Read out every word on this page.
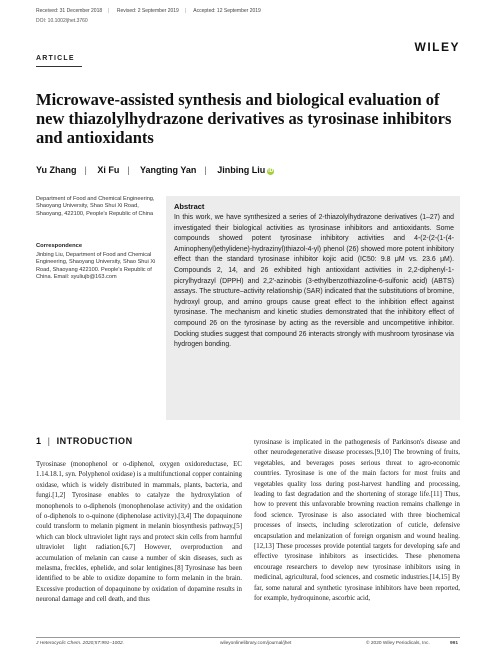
Received: 31 December 2018 | Revised: 2 September 2019 | Accepted: 12 September 2019
DOI: 10.1002/jhet.3760
WILEY
ARTICLE
Microwave-assisted synthesis and biological evaluation of new thiazolylhydrazone derivatives as tyrosinase inhibitors and antioxidants
Yu Zhang | Xi Fu | Yangting Yan | Jinbing Liu iD
Department of Food and Chemical Engineering, Shaoyang University, Shao Shui Xi Road, Shaoyang, 422100, People's Republic of China
Correspondence
Jinbing Liu, Department of Food and Chemical Engineering, Shaoyang University, Shao Shui Xi Road, Shaoyang 422100. People's Republic of China. Email: syuliujb@163.com
Abstract
In this work, we have synthesized a series of 2-thiazolylhydrazone derivatives (1–27) and investigated their biological activities as tyrosinase inhibitors and antioxidants. Some compounds showed potent tyrosinase inhibitory activities and 4-(2-(2-(1-(4-Aminophenyl)ethylidene)-hydrazinyl)thiazol-4-yl) phenol (26) showed more potent inhibitory effect than the standard tyrosinase inhibitor kojic acid (IC50: 9.8 μM vs. 23.6 μM). Compounds 2, 14, and 26 exhibited high antioxidant activities in 2,2-diphenyl-1-picrylhydrazyl (DPPH) and 2,2′-azinobis (3-ethylbenzothiazoline-6-sulfonic acid) (ABTS) assays. The structure–activity relationship (SAR) indicated that the substitutions of bromine, hydroxyl group, and amino groups cause great effect to the inhibition effect against tyrosinase. The mechanism and kinetic studies demonstrated that the inhibitory effect of compound 26 on the tyrosinase by acting as the reversible and uncompetitive inhibitor. Docking studies suggest that compound 26 interacts strongly with mushroom tyrosinase via hydrogen bonding.
1 | INTRODUCTION
Tyrosinase (monophenol or o-diphenol, oxygen oxidoreductase, EC 1.14.18.1, syn. Polyphenol oxidase) is a multifunctional copper containing oxidase, which is widely distributed in mammals, plants, bacteria, and fungi.[1,2] Tyrosinase enables to catalyze the hydroxylation of monophenols to o-diphenols (monophenolase activity) and the oxidation of o-diphenols to o-quinone (diphenolase activity).[3,4] The dopaquinone could transform to melanin pigment in melanin biosynthesis pathway,[5] which can block ultraviolet light rays and protect skin cells from harmful ultraviolet light radiation.[6,7] However, overproduction and accumulation of melanin can cause a number of skin diseases, such as melasma, freckles, ephelide, and solar lentigines.[8] Tyrosinase has been identified to be able to oxidize dopamine to form melanin in the brain. Excessive production of dopaquinone by oxidation of dopamine results in neuronal damage and cell death, and thus
tyrosinase is implicated in the pathogenesis of Parkinson's disease and other neurodegenerative disease processes.[9,10] The browning of fruits, vegetables, and beverages poses serious threat to agro-economic countries. Tyrosinase is one of the main factors for most fruits and vegetables quality loss during post-harvest handling and processing, leading to fast degradation and the shortening of storage life.[11] Thus, how to prevent this unfavorable browning reaction remains challenge in food science. Tyrosinase is also associated with three biochemical processes of insects, including sclerotization of cuticle, defensive encapsulation and melanization of foreign organism and wound healing.[12,13] These processes provide potential targets for developing safe and effective tyrosinase inhibitors as insecticides. These phenomena encourage researchers to develop new tyrosinase inhibitors using in medicinal, agricultural, food sciences, and cosmetic industries.[14,15] By far, some natural and synthetic tyrosinase inhibitors have been reported, for example, hydroquinone, ascorbic acid,
J Heterocyclic Chem. 2020;57:991–1002.	wileyonlinelibrary.com/journal/jhet	© 2020 Wiley Periodicals, Inc.	991
